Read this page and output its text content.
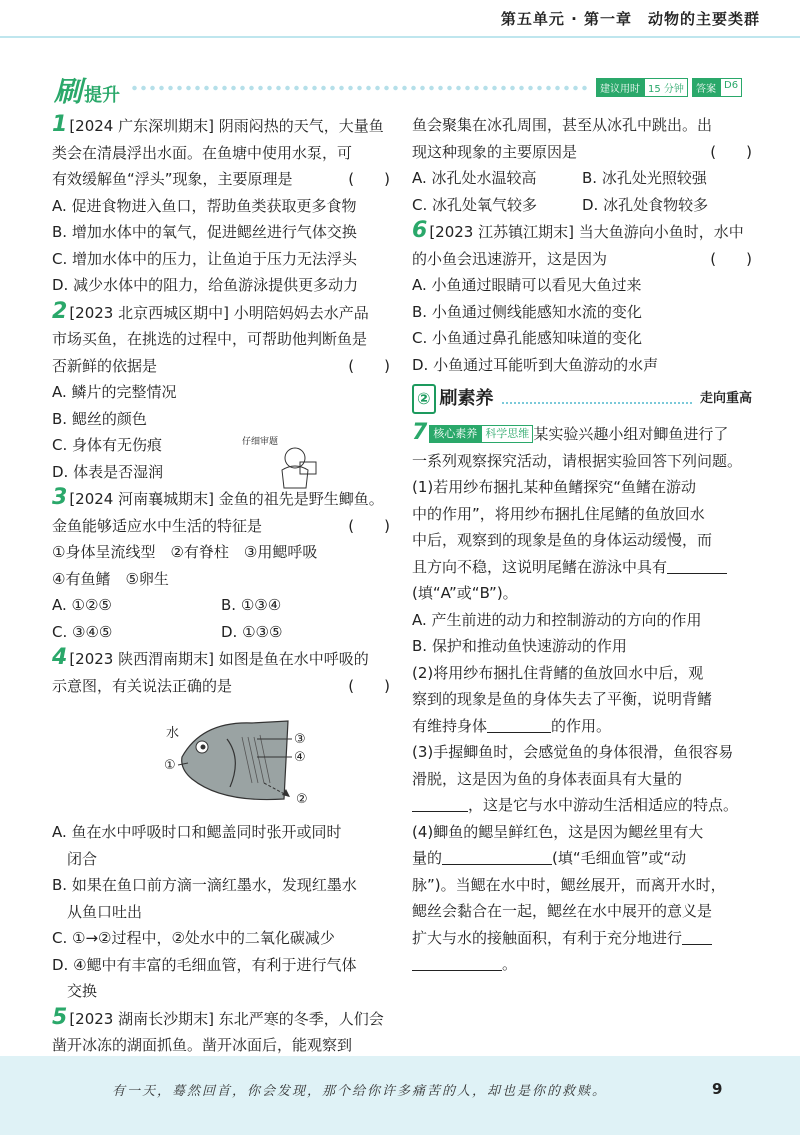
第五单元 · 第一章　动物的主要类群
刷 提升	建议用时 15 分钟	答案 D6
1 [2024 广东深圳期末] 阴雨闷热的天气，大量鱼
类会在清晨浮出水面。在鱼塘中使用水泵，可
有效缓解鱼“浮头”现象，主要原理是	(　　)
A. 促进食物进入鱼口，帮助鱼类获取更多食物
B. 增加水体中的氧气，促进鳃丝进行气体交换
C. 增加水体中的压力，让鱼迫于压力无法浮头
D. 减少水体中的阻力，给鱼游泳提供更多动力
2 [2023 北京西城区期中] 小明陪妈妈去水产品
市场买鱼，在挑选的过程中，可帮助他判断鱼是
否新鲜的依据是	(　　)
A. 鳞片的完整情况
B. 鳃丝的颜色
C. 身体有无伤痕
D. 体表是否湿润
3 [2024 河南襄城期末] 金鱼的祖先是野生鲫鱼。
金鱼能够适应水中生活的特征是	(　　)
①身体呈流线型　②有脊柱　③用鳃呼吸
④有鱼鳍　⑤卵生
A. ①②⑤	B. ①③④
C. ③④⑤	D. ①③⑤
4 [2023 陕西渭南期末] 如图是鱼在水中呼吸的
示意图，有关说法正确的是	(　　)
水
①
③
④
②
A. 鱼在水中呼吸时口和鳃盖同时张开或同时
闭合
B. 如果在鱼口前方滴一滴红墨水，发现红墨水
从鱼口吐出
C. ①→②过程中，②处水中的二氧化碳减少
D. ④鳃中有丰富的毛细血管，有利于进行气体
交换
5 [2023 湖南长沙期末] 东北严寒的冬季，人们会
凿开冰冻的湖面抓鱼。凿开冰面后，能观察到
仔细审题
鱼会聚集在冰孔周围，甚至从冰孔中跳出。出
现这种现象的主要原因是	(　　)
A. 冰孔处水温较高	B. 冰孔处光照较强
C. 冰孔处氧气较多	D. 冰孔处食物较多
6 [2023 江苏镇江期末] 当大鱼游向小鱼时，水中
的小鱼会迅速游开，这是因为	(　　)
A. 小鱼通过眼睛可以看见大鱼过来
B. 小鱼通过侧线能感知水流的变化
C. 小鱼通过鼻孔能感知味道的变化
D. 小鱼通过耳能听到大鱼游动的水声
② 刷素养	走向重高
7 核心素养 科学思维 某实验兴趣小组对鲫鱼进行了
一系列观察探究活动，请根据实验回答下列问题。
(1)若用纱布捆扎某种鱼鳍探究“鱼鳍在游动
中的作用”，将用纱布捆扎住尾鳍的鱼放回水
中后，观察到的现象是鱼的身体运动缓慢，而
且方向不稳，这说明尾鳍在游泳中具有
(填“A”或“B”)。
A. 产生前进的动力和控制游动的方向的作用
B. 保护和推动鱼快速游动的作用
(2)将用纱布捆扎住背鳍的鱼放回水中后，观
察到的现象是鱼的身体失去了平衡，说明背鳍
有维持身体	的作用。
(3)手握鲫鱼时，会感觉鱼的身体很滑，鱼很容易
滑脱，这是因为鱼的身体表面具有大量的
，这是它与水中游动生活相适应的特点。
(4)鲫鱼的鳃呈鲜红色，这是因为鳃丝里有大
量的	(填“毛细血管”或“动
脉”)。当鳃在水中时，鳃丝展开，而离开水时，
鳃丝会黏合在一起，鳃丝在水中展开的意义是
扩大与水的接触面积，有利于充分地进行
。
有一天，蓦然回首，你会发现，那个给你许多痛苦的人，却也是你的救赎。	9
